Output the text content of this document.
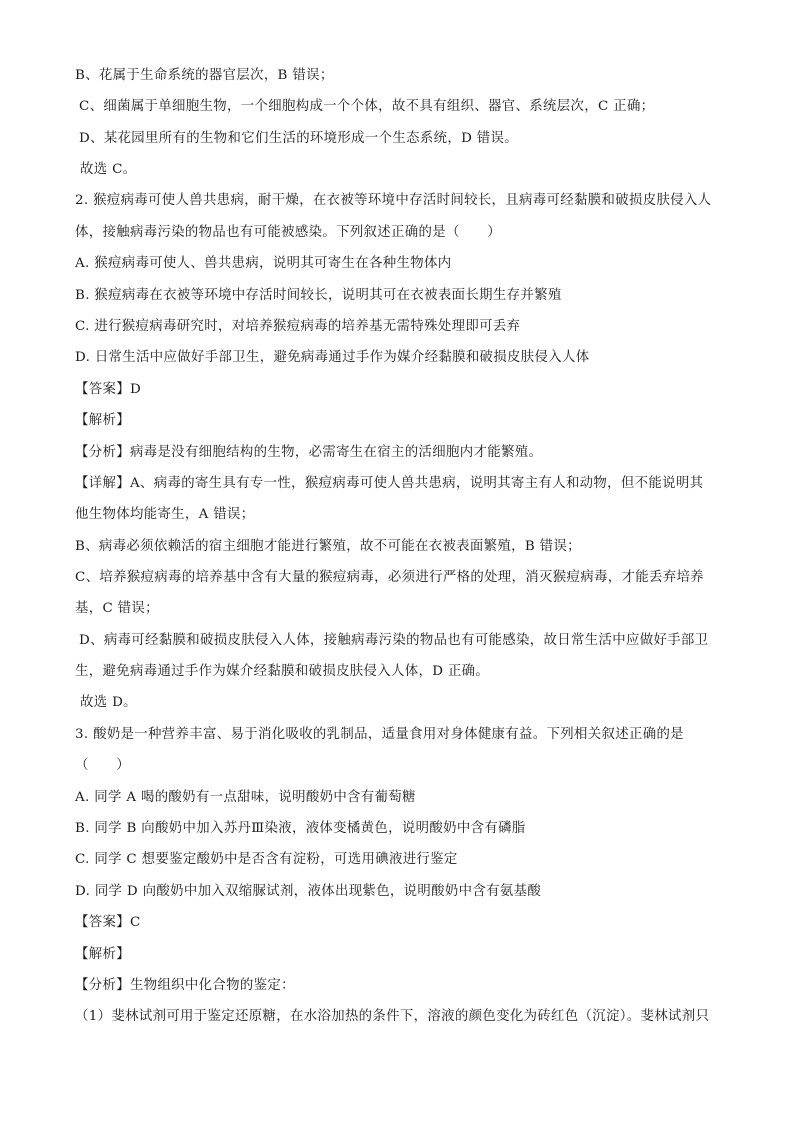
B、花属于生命系统的器官层次，B 错误；
C、细菌属于单细胞生物，一个细胞构成一个个体，故不具有组织、器官、系统层次，C 正确；
D、某花园里所有的生物和它们生活的环境形成一个生态系统，D 错误。
故选 C。
2. 猴痘病毒可使人兽共患病，耐干燥，在衣被等环境中存活时间较长，且病毒可经黏膜和破损皮肤侵入人
体，接触病毒污染的物品也有可能被感染。下列叙述正确的是（　　）
A. 猴痘病毒可使人、兽共患病，说明其可寄生在各种生物体内
B. 猴痘病毒在衣被等环境中存活时间较长，说明其可在衣被表面长期生存并繁殖
C. 进行猴痘病毒研究时，对培养猴痘病毒的培养基无需特殊处理即可丢弃
D. 日常生活中应做好手部卫生，避免病毒通过手作为媒介经黏膜和破损皮肤侵入人体
【答案】D
【解析】
【分析】病毒是没有细胞结构的生物，必需寄生在宿主的活细胞内才能繁殖。
【详解】A、病毒的寄生具有专一性，猴痘病毒可使人兽共患病，说明其寄主有人和动物，但不能说明其
他生物体均能寄生，A 错误；
B、病毒必须依赖活的宿主细胞才能进行繁殖，故不可能在衣被表面繁殖，B 错误；
C、培养猴痘病毒的培养基中含有大量的猴痘病毒，必须进行严格的处理，消灭猴痘病毒，才能丢弃培养
基，C 错误；
D、病毒可经黏膜和破损皮肤侵入人体，接触病毒污染的物品也有可能感染，故日常生活中应做好手部卫
生，避免病毒通过手作为媒介经黏膜和破损皮肤侵入人体，D 正确。
故选 D。
3. 酸奶是一种营养丰富、易于消化吸收的乳制品，适量食用对身体健康有益。下列相关叙述正确的是
（　　）
A. 同学 A 喝的酸奶有一点甜味，说明酸奶中含有葡萄糖
B. 同学 B 向酸奶中加入苏丹Ⅲ染液，液体变橘黄色，说明酸奶中含有磷脂
C. 同学 C 想要鉴定酸奶中是否含有淀粉，可选用碘液进行鉴定
D. 同学 D 向酸奶中加入双缩脲试剂，液体出现紫色，说明酸奶中含有氨基酸
【答案】C
【解析】
【分析】生物组织中化合物的鉴定：
（1）斐林试剂可用于鉴定还原糖，在水浴加热的条件下，溶液的颜色变化为砖红色（沉淀）。斐林试剂只
